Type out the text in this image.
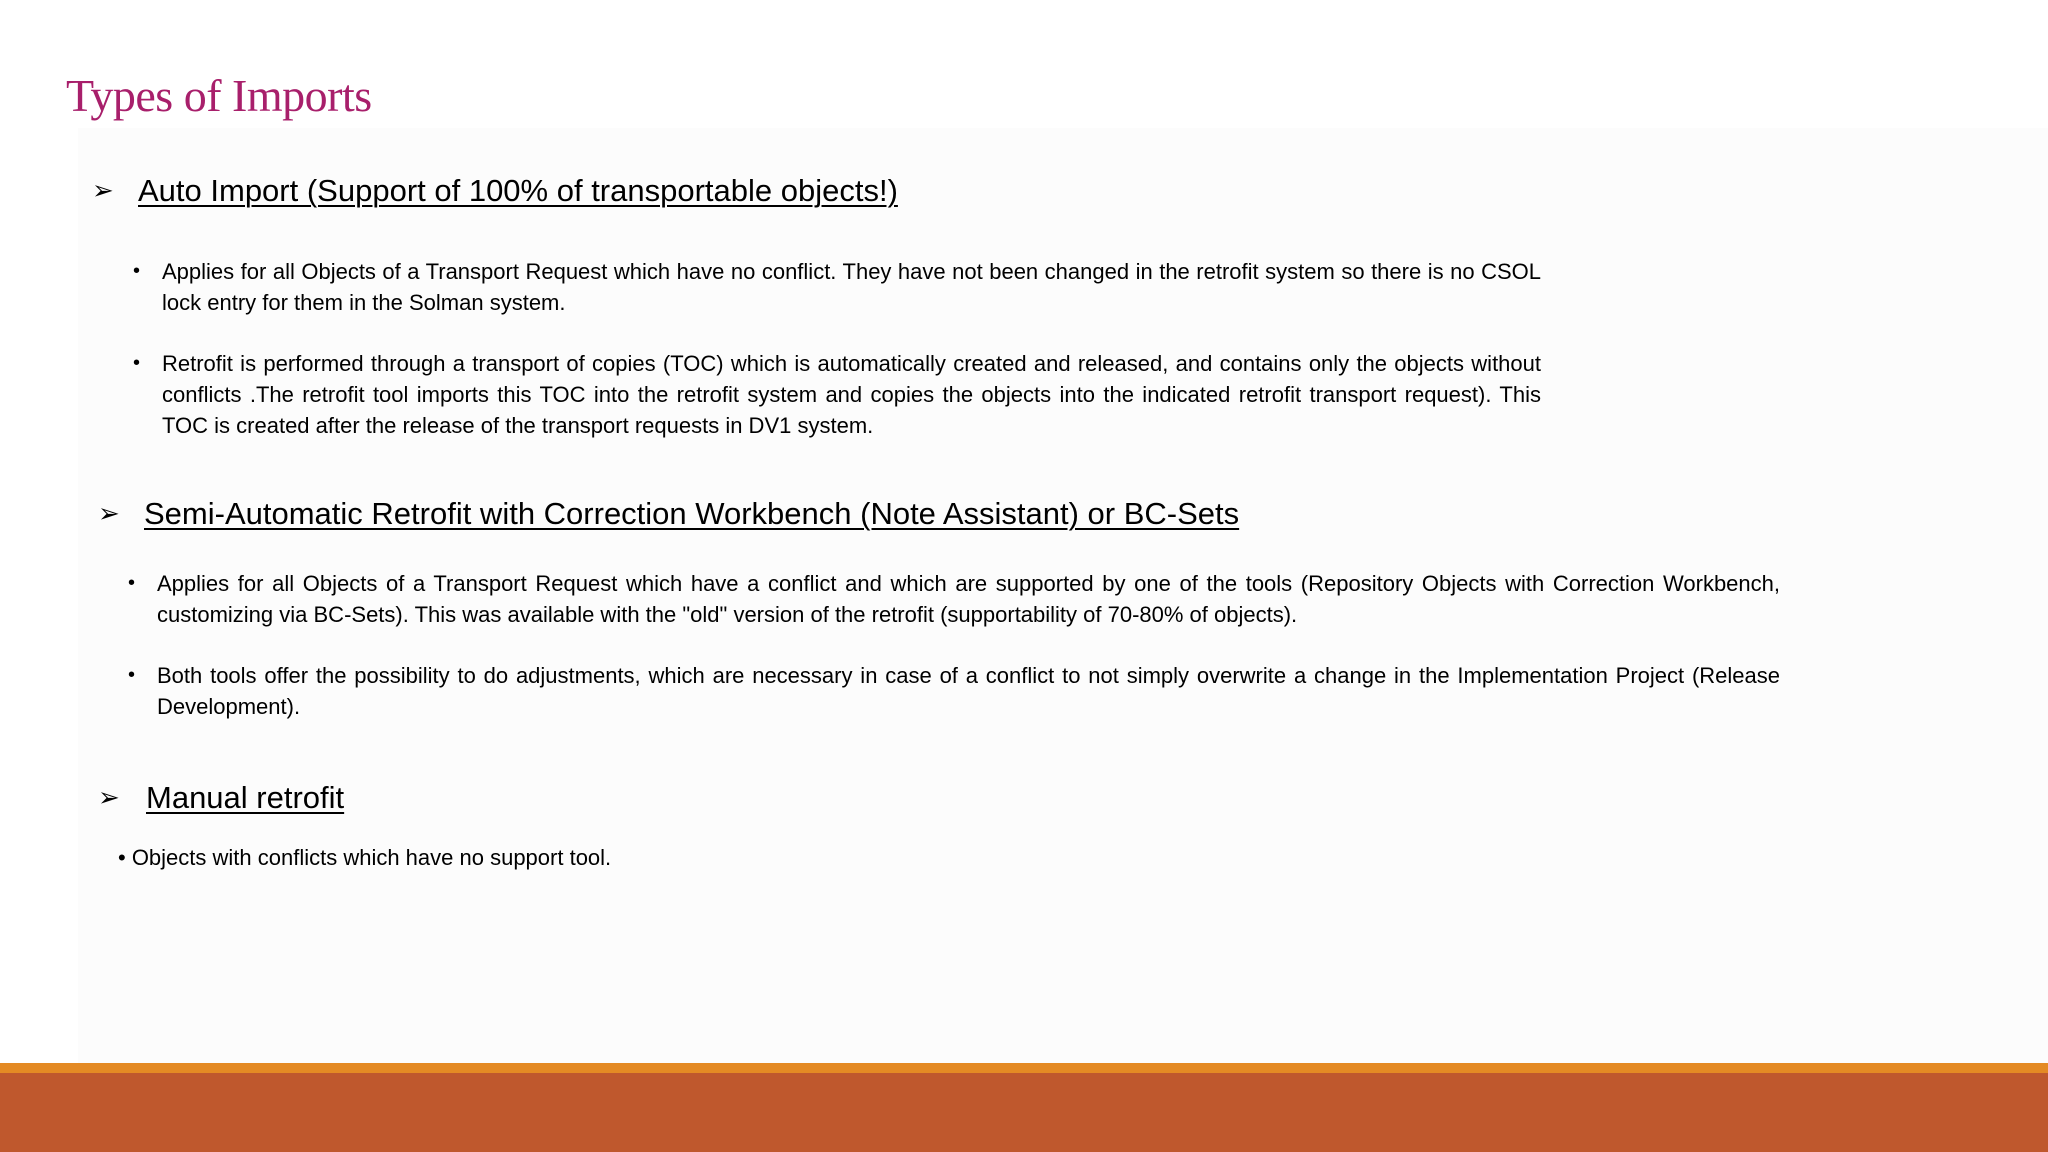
Types of Imports
➢ Auto Import (Support of 100% of transportable objects!)
• Applies for all Objects of a Transport Request which have no conflict. They have not been changed in the retrofit system so there is no CSOL lock entry for them in the Solman system.
• Retrofit is performed through a transport of copies (TOC) which is automatically created and released, and contains only the objects without conflicts .The retrofit tool imports this TOC into the retrofit system and copies the objects into the indicated retrofit transport request). This TOC is created after the release of the transport requests in DV1 system.
➢ Semi-Automatic Retrofit with Correction Workbench (Note Assistant) or BC-Sets
• Applies for all Objects of a Transport Request which have a conflict and which are supported by one of the tools (Repository Objects with Correction Workbench, customizing via BC-Sets). This was available with the "old" version of the retrofit (supportability of 70-80% of objects).
• Both tools offer the possibility to do adjustments, which are necessary in case of a conflict to not simply overwrite a change in the Implementation Project (Release Development).
➢ Manual retrofit
• Objects with conflicts which have no support tool.
